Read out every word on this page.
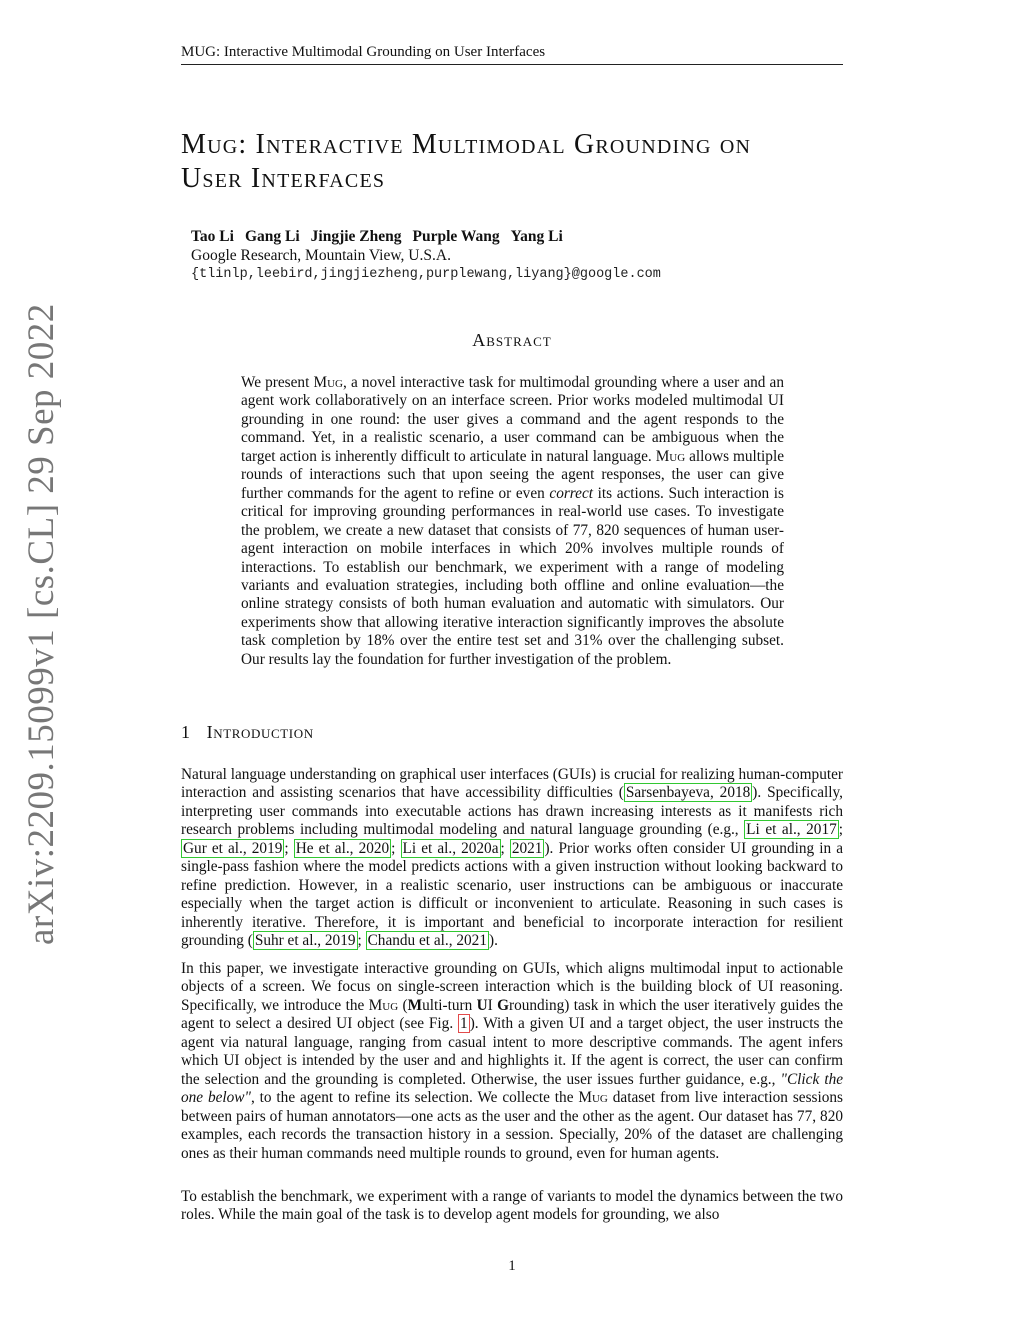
MUG: Interactive Multimodal Grounding on User Interfaces
arXiv:2209.15099v1 [cs.CL] 29 Sep 2022
Mug: Interactive Multimodal Grounding on
User Interfaces
Tao Li Gang Li Jingjie Zheng Purple Wang Yang Li
Google Research, Mountain View, U.S.A.
{tlinlp,leebird,jingjiezheng,purplewang,liyang}@google.com
Abstract
We present Mug, a novel interactive task for multimodal grounding where a user and an agent work collaboratively on an interface screen. Prior works modeled multimodal UI grounding in one round: the user gives a command and the agent responds to the command. Yet, in a realistic scenario, a user command can be ambiguous when the target action is inherently difficult to articulate in natural language. Mug allows multiple rounds of interactions such that upon seeing the agent responses, the user can give further commands for the agent to refine or even correct its actions. Such interaction is critical for improving grounding performances in real-world use cases. To investigate the problem, we create a new dataset that consists of 77, 820 sequences of human user-agent interaction on mobile interfaces in which 20% involves multiple rounds of interactions. To establish our benchmark, we experiment with a range of modeling variants and evaluation strategies, including both offline and online evaluation—the online strategy consists of both human evaluation and automatic with simulators. Our experiments show that allowing iterative interaction significantly improves the absolute task completion by 18% over the entire test set and 31% over the challenging subset. Our results lay the foundation for further investigation of the problem.
1 Introduction
Natural language understanding on graphical user interfaces (GUIs) is crucial for realizing human-computer interaction and assisting scenarios that have accessibility difficulties ( Sarsenbayeva, 2018 ). Specifically, interpreting user commands into executable actions has drawn increasing interests as it manifests rich research problems including multimodal modeling and natural language grounding (e.g., Li et al., 2017 ; Gur et al., 2019 ; He et al., 2020 ; Li et al., 2020a ; 2021 ). Prior works often consider UI grounding in a single-pass fashion where the model predicts actions with a given instruction without looking backward to refine prediction. However, in a realistic scenario, user instructions can be ambiguous or inaccurate especially when the target action is difficult or inconvenient to articulate. Reasoning in such cases is inherently iterative. Therefore, it is important and beneficial to incorporate interaction for resilient grounding ( Suhr et al., 2019 ; Chandu et al., 2021 ).
In this paper, we investigate interactive grounding on GUIs, which aligns multimodal input to actionable objects of a screen. We focus on single-screen interaction which is the building block of UI reasoning. Specifically, we introduce the Mug (Multi-turn UI Grounding) task in which the user iteratively guides the agent to select a desired UI object (see Fig. 1 ). With a given UI and a target object, the user instructs the agent via natural language, ranging from casual intent to more descriptive commands. The agent infers which UI object is intended by the user and and highlights it. If the agent is correct, the user can confirm the selection and the grounding is completed. Otherwise, the user issues further guidance, e.g., "Click the one below", to the agent to refine its selection. We collecte the Mug dataset from live interaction sessions between pairs of human annotators—one acts as the user and the other as the agent. Our dataset has 77, 820 examples, each records the transaction history in a session. Specially, 20% of the dataset are challenging ones as their human commands need multiple rounds to ground, even for human agents.
To establish the benchmark, we experiment with a range of variants to model the dynamics between the two roles. While the main goal of the task is to develop agent models for grounding, we also
1
